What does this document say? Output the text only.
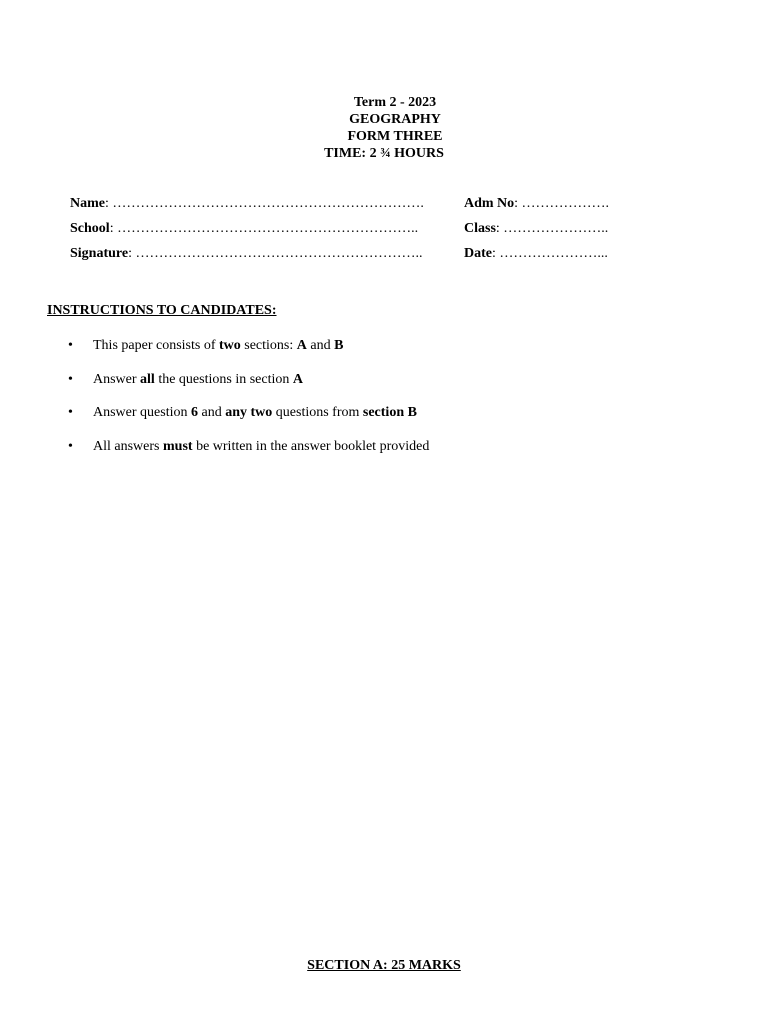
Term 2 - 2023
GEOGRAPHY
FORM THREE
TIME: 2 ¾ HOURS
Name: ………………………………………………………….	Adm No: ……………….
School: ………………………………………………………..	Class: …………………..
Signature: ……………………………………………………..	Date: …………………...
INSTRUCTIONS TO CANDIDATES:
•	This paper consists of two sections: A and B
•	Answer all the questions in section A
•	Answer question 6 and any two questions from section B
•	All answers must be written in the answer booklet provided
SECTION A: 25 MARKS
